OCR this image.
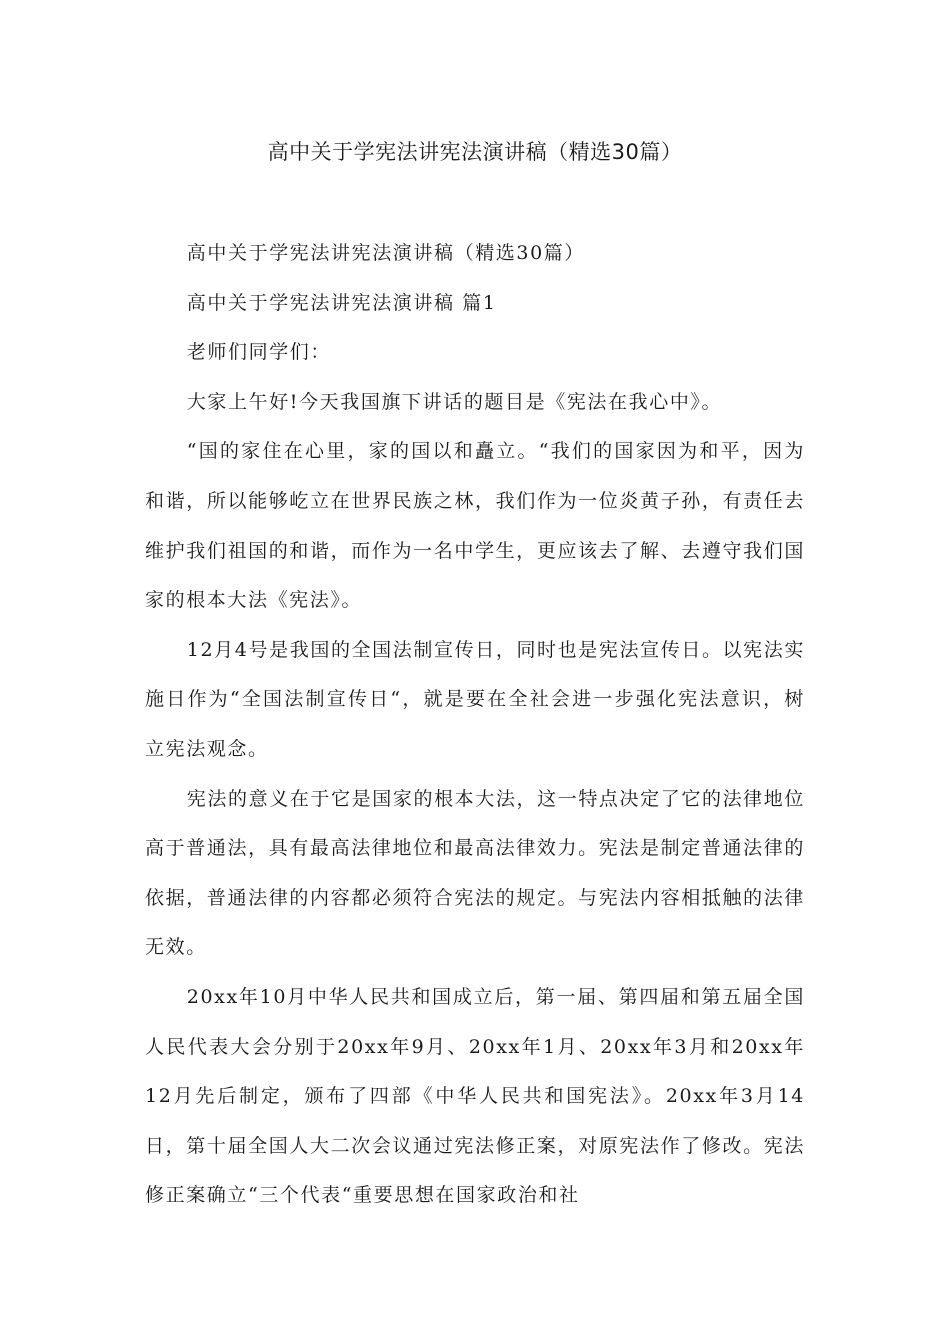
高中关于学宪法讲宪法演讲稿（精选30篇）

高中关于学宪法讲宪法演讲稿（精选30篇）

高中关于学宪法讲宪法演讲稿 篇1

老师们同学们：

大家上午好!今天我国旗下讲话的题目是《宪法在我心中》。

“国的家住在心里，家的国以和矗立。“我们的国家因为和平，因为和谐，所以能够屹立在世界民族之林，我们作为一位炎黄子孙，有责任去维护我们祖国的和谐，而作为一名中学生，更应该去了解、去遵守我们国家的根本大法《宪法》。

12月4号是我国的全国法制宣传日，同时也是宪法宣传日。以宪法实施日作为“全国法制宣传日“，就是要在全社会进一步强化宪法意识，树立宪法观念。

宪法的意义在于它是国家的根本大法，这一特点决定了它的法律地位高于普通法，具有最高法律地位和最高法律效力。宪法是制定普通法律的依据，普通法律的内容都必须符合宪法的规定。与宪法内容相抵触的法律无效。

20xx年10月中华人民共和国成立后，第一届、第四届和第五届全国人民代表大会分别于20xx年9月、20xx年1月、20xx年3月和20xx年12月先后制定，颁布了四部《中华人民共和国宪法》。20xx年3月14日，第十届全国人大二次会议通过宪法修正案，对原宪法作了修改。宪法修正案确立“三个代表“重要思想在国家政治和社
